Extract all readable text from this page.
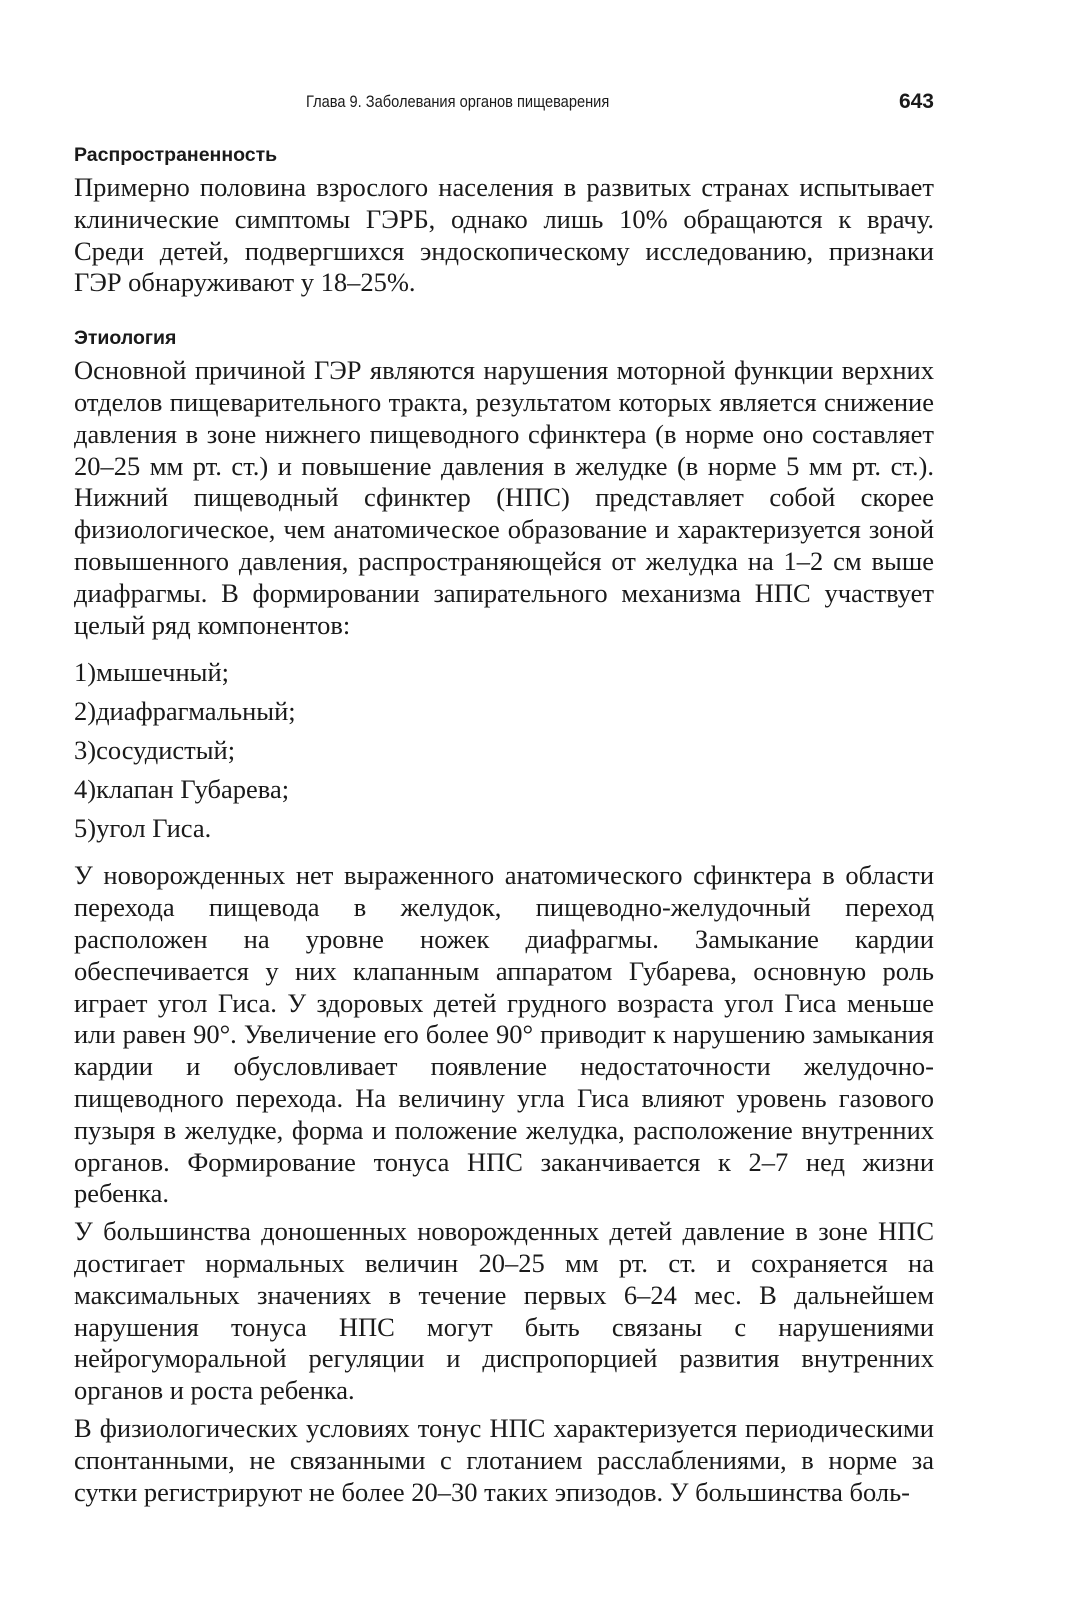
Глава 9. Заболевания органов пищеварения	643
Распространенность

Примерно половина взрослого населения в развитых странах испытывает клинические симптомы ГЭРБ, однако лишь 10% обращаются к врачу. Среди детей, подвергшихся эндоскопическому исследованию, признаки ГЭР обнаруживают у 18–25%.

Этиология

Основной причиной ГЭР являются нарушения моторной функции верхних отделов пищеварительного тракта, результатом которых является снижение давления в зоне нижнего пищеводного сфинктера (в норме оно составляет 20–25 мм рт. ст.) и повышение давления в желудке (в норме 5 мм рт. ст.). Нижний пищеводный сфинктер (НПС) представляет собой скорее физиологическое, чем анатомическое образование и характеризуется зоной повышенного давления, распространяющейся от желудка на 1–2 см выше диафрагмы. В формировании запирательного механизма НПС участвует целый ряд компонентов:

1)мышечный;
2)диафрагмальный;
3)сосудистый;
4)клапан Губарева;
5)угол Гиса.

У новорожденных нет выраженного анатомического сфинктера в области перехода пищевода в желудок, пищеводно-желудочный переход расположен на уровне ножек диафрагмы. Замыкание кардии обеспечивается у них клапанным аппаратом Губарева, основную роль играет угол Гиса. У здоровых детей грудного возраста угол Гиса меньше или равен 90°. Увеличение его более 90° приводит к нарушению замыкания кардии и обусловливает появление недостаточности желудочно-пищеводного перехода. На величину угла Гиса влияют уровень газового пузыря в желудке, форма и положение желудка, расположение внутренних органов. Формирование тонуса НПС заканчивается к 2–7 нед жизни ребенка.

У большинства доношенных новорожденных детей давление в зоне НПС достигает нормальных величин 20–25 мм рт. ст. и сохраняется на максимальных значениях в течение первых 6–24 мес. В дальнейшем нарушения тонуса НПС могут быть связаны с нарушениями нейрогуморальной регуляции и диспропорцией развития внутренних органов и роста ребенка.

В физиологических условиях тонус НПС характеризуется периодическими спонтанными, не связанными с глотанием расслаблениями, в норме за сутки регистрируют не более 20–30 таких эпизодов. У большинства боль-
